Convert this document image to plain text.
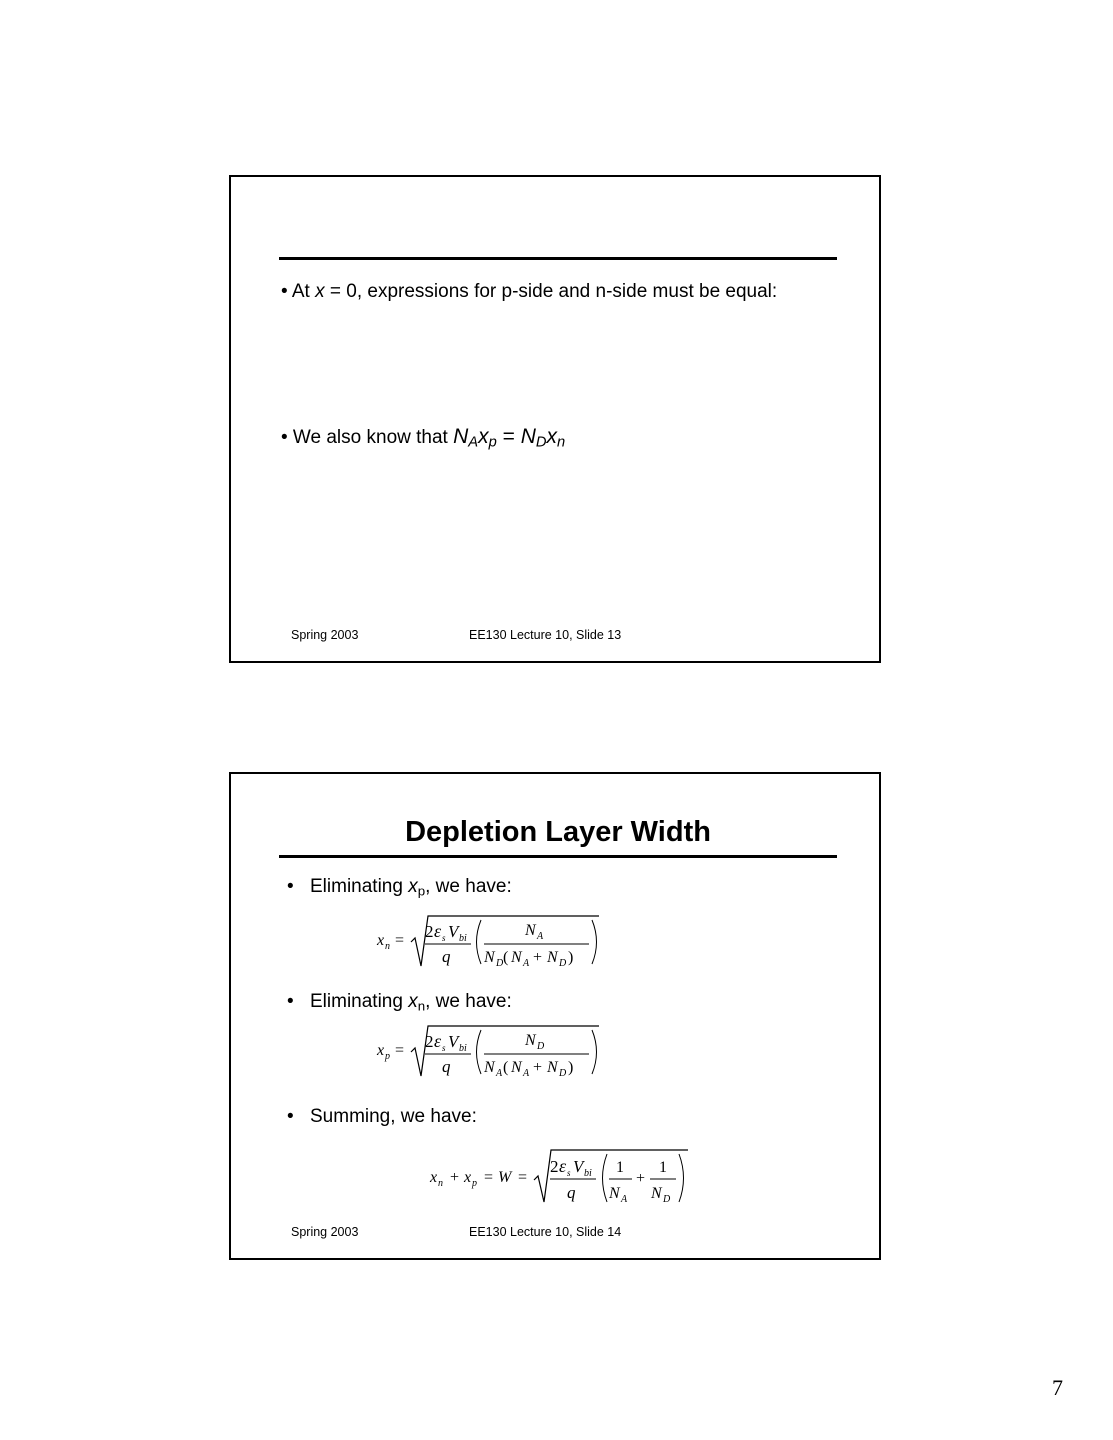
• At x = 0, expressions for p-side and n-side must be equal:
• We also know that $N_Ax_p = N_Dx_n$
Spring 2003	EE130 Lecture 10, Slide 13
Depletion Layer Width
• Eliminating $x_p$, we have:
x n = 2 ε s V bi
q
N A
N D ( N A + N D )
• Eliminating $x_n$, we have:
x p = 2 ε s V bi
q
N D
N A ( N A + N D )
• Summing, we have:
x n + x p = W =
2 ε s V bi
q
1
N A
+
1
N D
Spring 2003	EE130 Lecture 10, Slide 14
7
